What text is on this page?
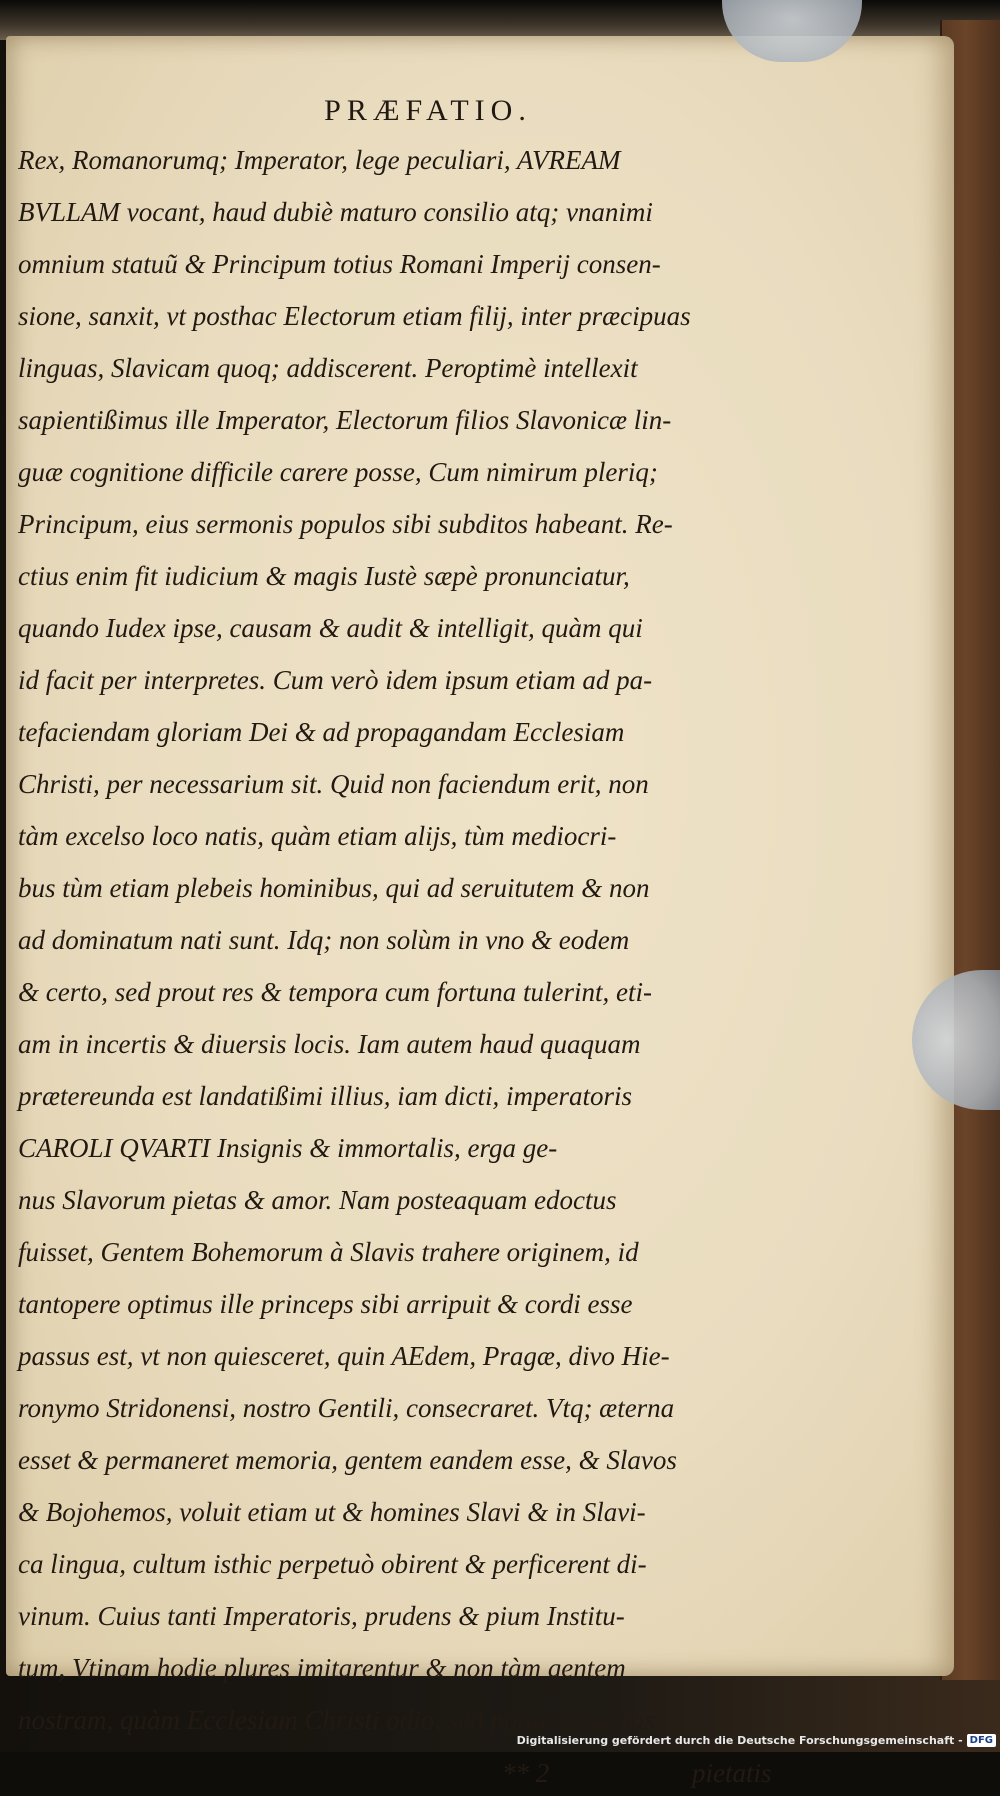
PRÆFATIO.
Rex, Romanorumq; Imperator, lege peculiari, AVREAM
BVLLAM vocant, haud dubiè maturo consilio atq; vnanimi
omnium statuũ & Principum totius Romani Imperij consen-
sione, sanxit, vt posthac Electorum etiam filij, inter præcipuas
linguas, Slavicam quoq; addiscerent. Peroptimè intellexit
sapientißimus ille Imperator, Electorum filios Slavonicæ lin-
guæ cognitione difficile carere posse, Cum nimirum pleriq;
Principum, eius sermonis populos sibi subditos habeant. Re-
ctius enim fit iudicium & magis Iustè sæpè pronunciatur,
quando Iudex ipse, causam & audit & intelligit, quàm qui
id facit per interpretes. Cum verò idem ipsum etiam ad pa-
tefaciendam gloriam Dei & ad propagandam Ecclesiam
Christi, per necessarium sit. Quid non faciendum erit, non
tàm excelso loco natis, quàm etiam alijs, tùm mediocri-
bus tùm etiam plebeis hominibus, qui ad seruitutem & non
ad dominatum nati sunt. Idq; non solùm in vno & eodem
& certo, sed prout res & tempora cum fortuna tulerint, eti-
am in incertis & diuersis locis. Iam autem haud quaquam
prætereunda est landatißimi illius, iam dicti, imperatoris
CAROLI QVARTI Insignis & immortalis, erga ge-
nus Slavorum pietas & amor. Nam posteaquam edoctus
fuisset, Gentem Bohemorum à Slavis trahere originem, id
tantopere optimus ille princeps sibi arripuit & cordi esse
passus est, vt non quiesceret, quin AEdem, Pragæ, divo Hie-
ronymo Stridonensi, nostro Gentili, consecraret. Vtq; æterna
esset & permaneret memoria, gentem eandem esse, & Slavos
& Bojohemos, voluit etiam ut & homines Slavi & in Slavi-
ca lingua, cultum isthic perpetuò obirent & perficerent di-
vinum. Cuius tanti Imperatoris, prudens & pium Institu-
tum, Vtinam hodie plures imitarentur & non tàm gentem
nostram, quàm Ecclesiam Christi odio, sed potius omnibus
** 2	pietatis
Digitalisierung gefördert durch die Deutsche Forschungsgemeinschaft - DFG
